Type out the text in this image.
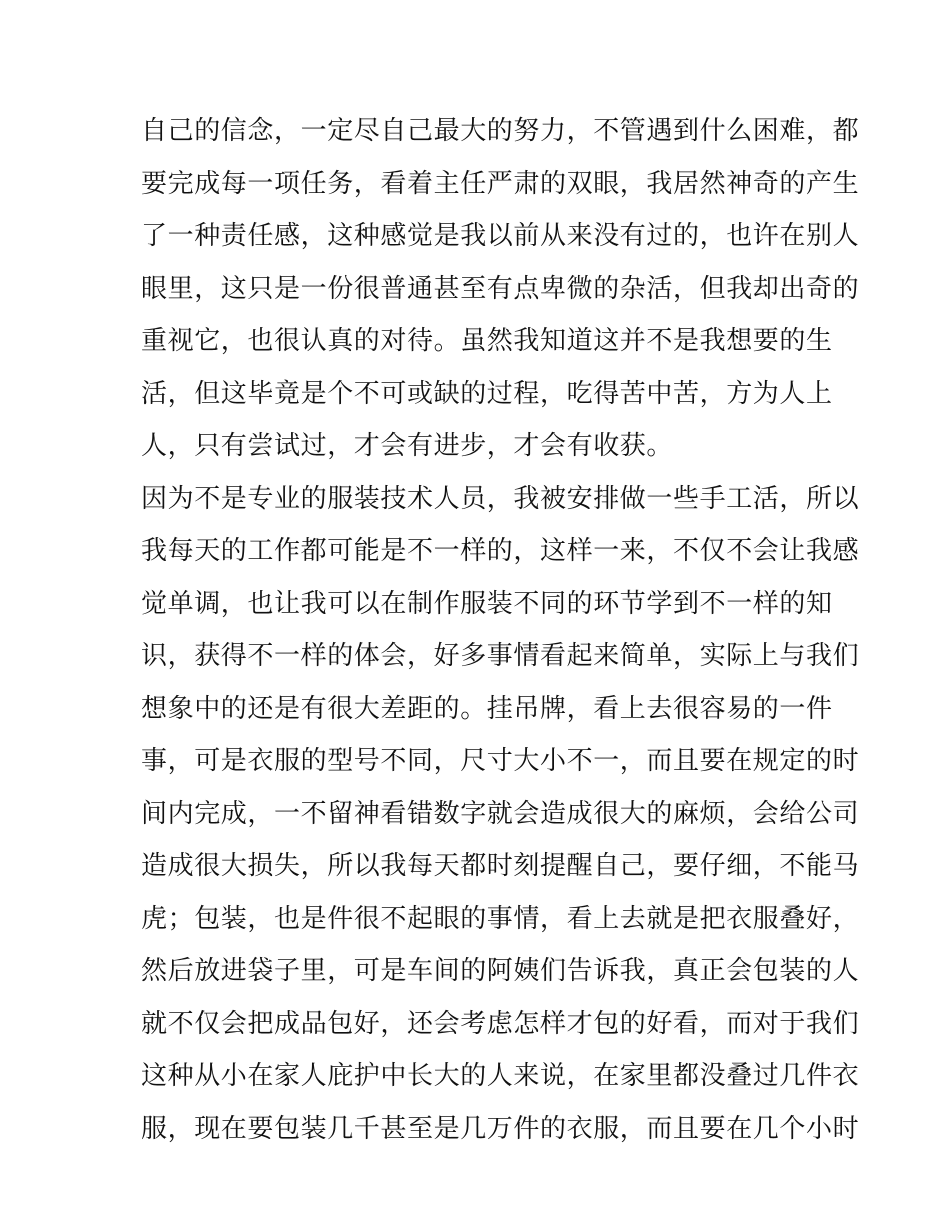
自己的信念，一定尽自己最大的努力，不管遇到什么困难，都
要完成每一项任务，看着主任严肃的双眼，我居然神奇的产生
了一种责任感，这种感觉是我以前从来没有过的，也许在别人
眼里，这只是一份很普通甚至有点卑微的杂活，但我却出奇的
重视它，也很认真的对待。虽然我知道这并不是我想要的生
活，但这毕竟是个不可或缺的过程，吃得苦中苦，方为人上
人，只有尝试过，才会有进步，才会有收获。
因为不是专业的服装技术人员，我被安排做一些手工活，所以
我每天的工作都可能是不一样的，这样一来，不仅不会让我感
觉单调，也让我可以在制作服装不同的环节学到不一样的知
识，获得不一样的体会，好多事情看起来简单，实际上与我们
想象中的还是有很大差距的。挂吊牌，看上去很容易的一件
事，可是衣服的型号不同，尺寸大小不一，而且要在规定的时
间内完成，一不留神看错数字就会造成很大的麻烦，会给公司
造成很大损失，所以我每天都时刻提醒自己，要仔细，不能马
虎；包装，也是件很不起眼的事情，看上去就是把衣服叠好，
然后放进袋子里，可是车间的阿姨们告诉我，真正会包装的人
就不仅会把成品包好，还会考虑怎样才包的好看，而对于我们
这种从小在家人庇护中长大的人来说，在家里都没叠过几件衣
服，现在要包装几千甚至是几万件的衣服，而且要在几个小时
